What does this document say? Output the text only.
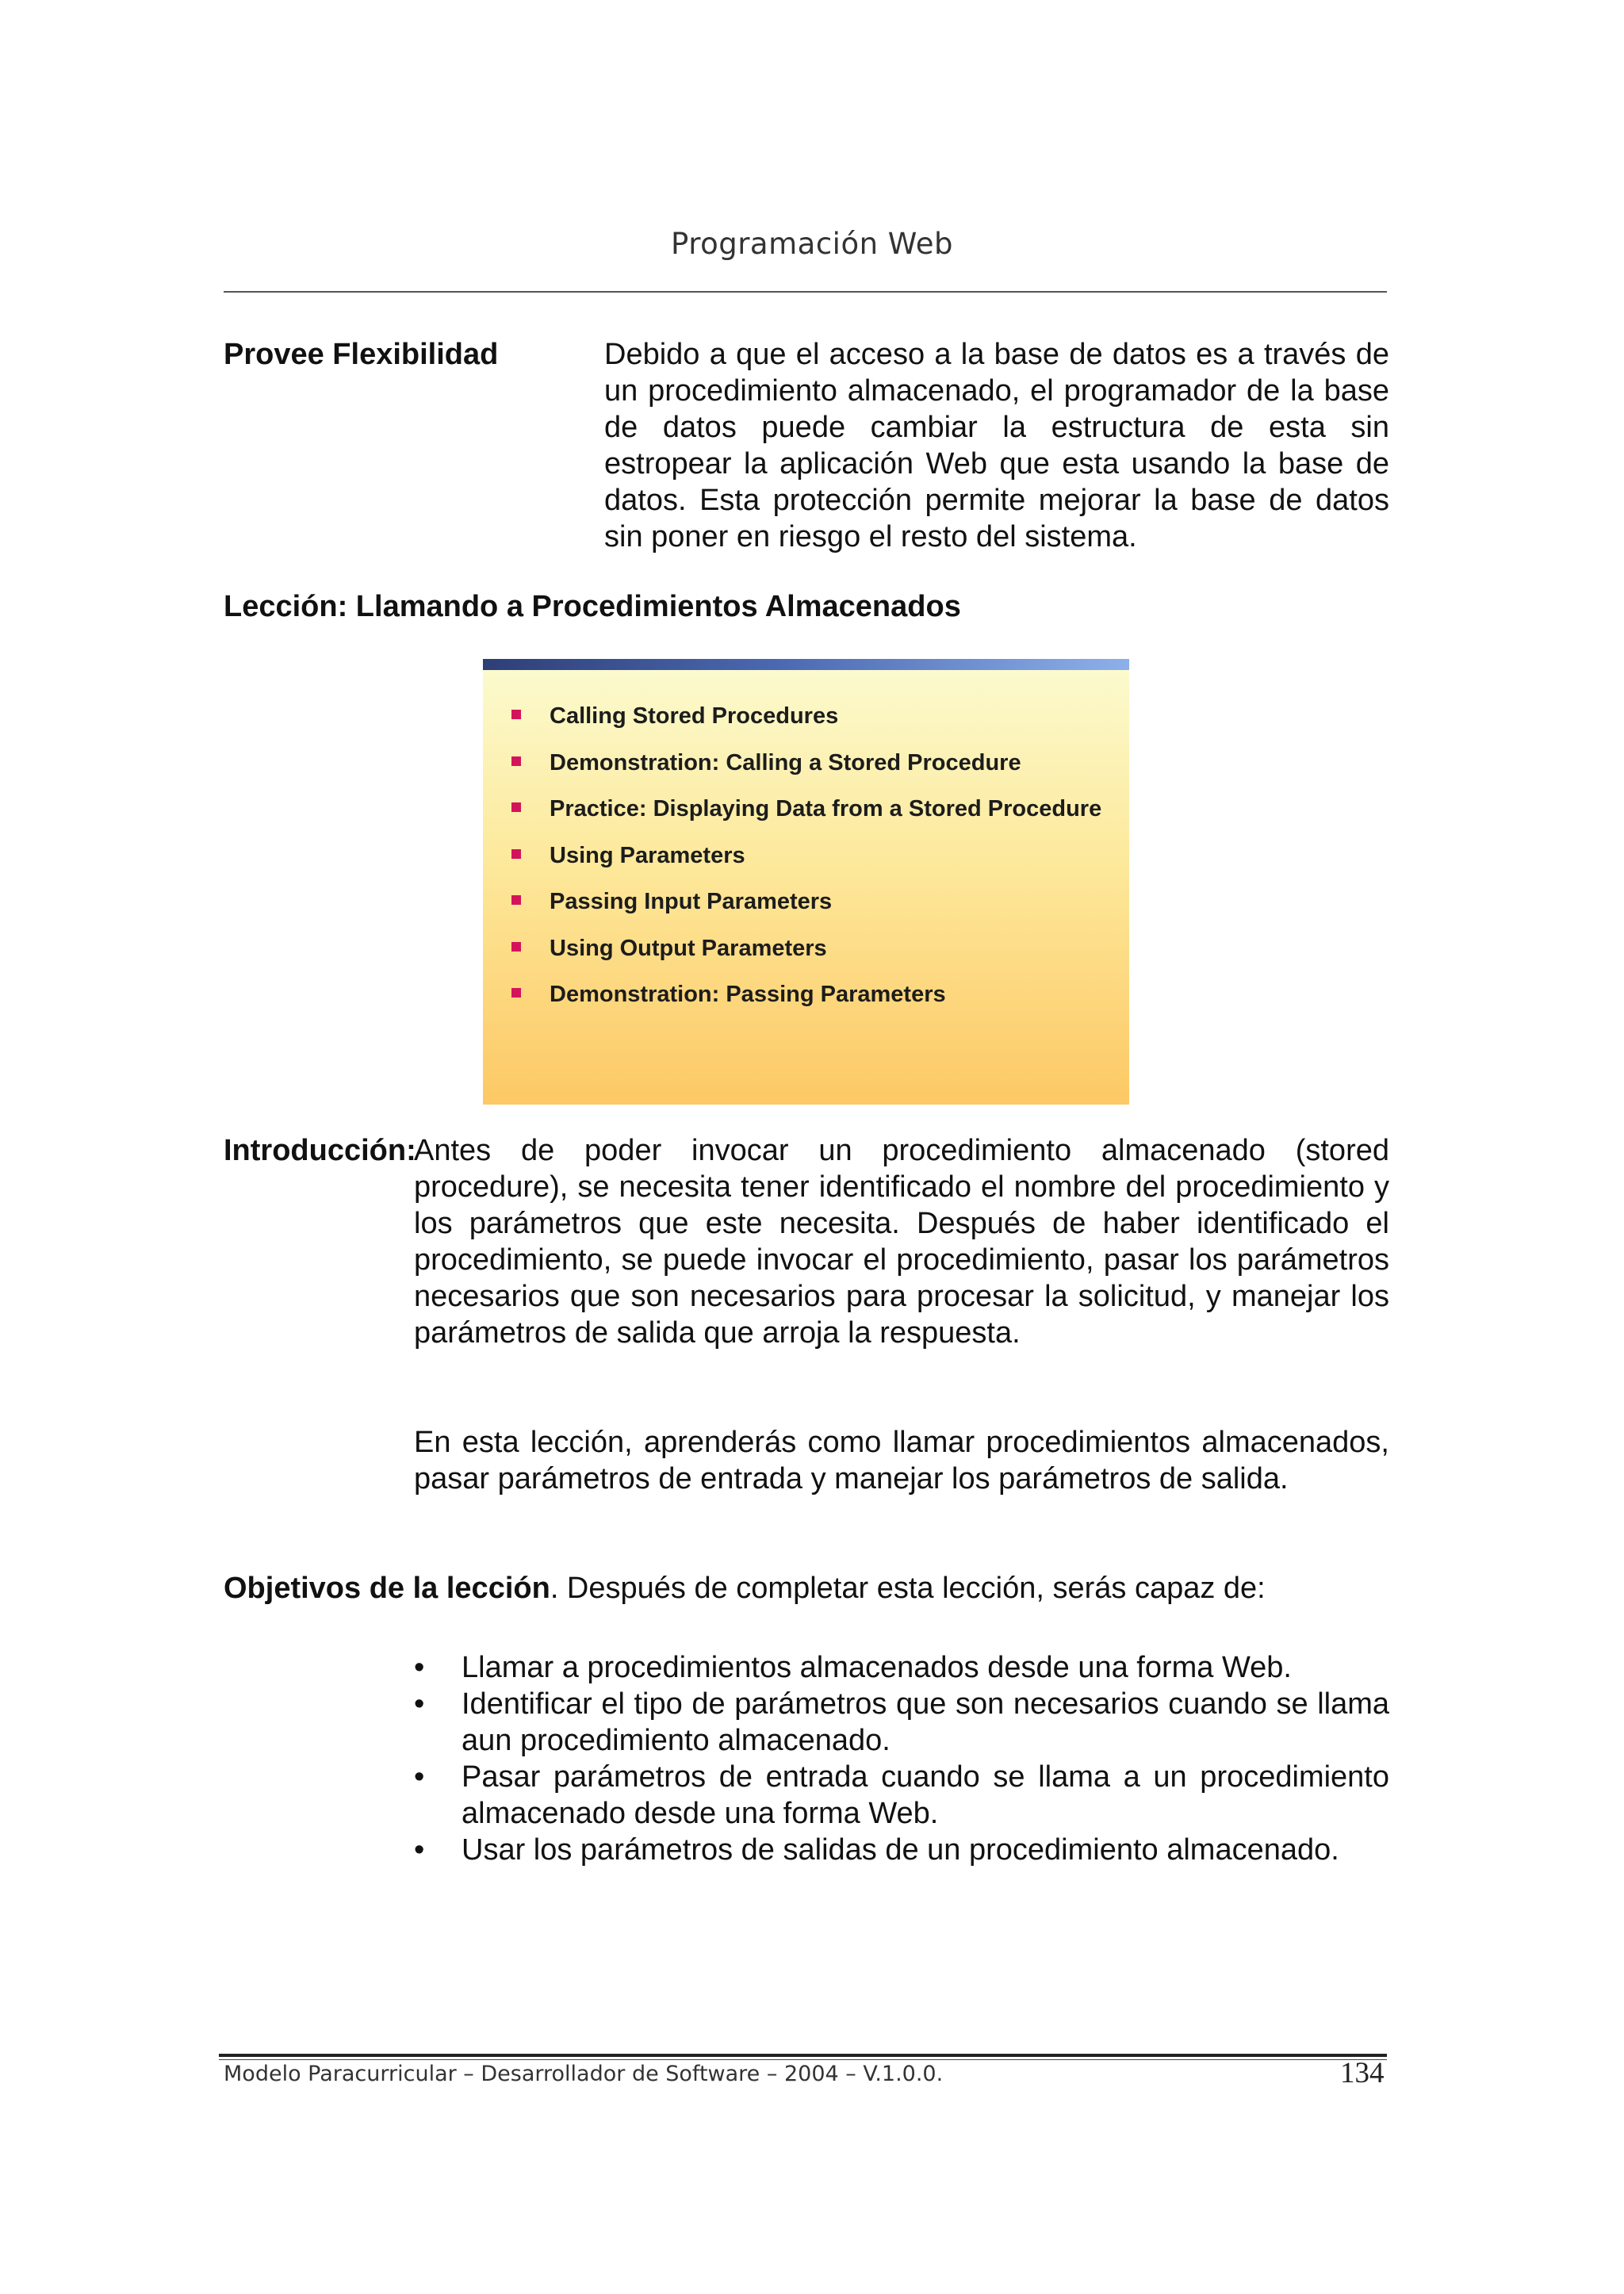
Programación Web
Provee Flexibilidad	Debido a que el acceso a la base de datos es a través de un procedimiento almacenado, el programador de la base de datos puede cambiar la estructura de esta sin estropear la aplicación Web que esta usando la base de datos. Esta protección permite mejorar la base de datos sin poner en riesgo el resto del sistema.
Lección: Llamando a Procedimientos Almacenados
Calling Stored Procedures
Demonstration: Calling a Stored Procedure
Practice: Displaying Data from a Stored Procedure
Using Parameters
Passing Input Parameters
Using Output Parameters
Demonstration: Passing Parameters
Introducción:
Antes de poder invocar un procedimiento almacenado (stored procedure), se necesita tener identificado el nombre del procedimiento y los parámetros que este necesita. Después de haber identificado el procedimiento, se puede invocar el procedimiento, pasar los parámetros necesarios que son necesarios para procesar la solicitud, y manejar los parámetros de salida que arroja la respuesta.
En esta lección, aprenderás como llamar procedimientos almacenados, pasar parámetros de entrada y manejar los parámetros de salida.
Objetivos de la lección. Después de completar esta lección, serás capaz de:
• Llamar a procedimientos almacenados desde una forma Web.
• Identificar el tipo de parámetros que son necesarios cuando se llama aun procedimiento almacenado.
• Pasar parámetros de entrada cuando se llama a un procedimiento almacenado desde una forma Web.
• Usar los parámetros de salidas de un procedimiento almacenado.
Modelo Paracurricular – Desarrollador de Software – 2004 – V.1.0.0.	134
